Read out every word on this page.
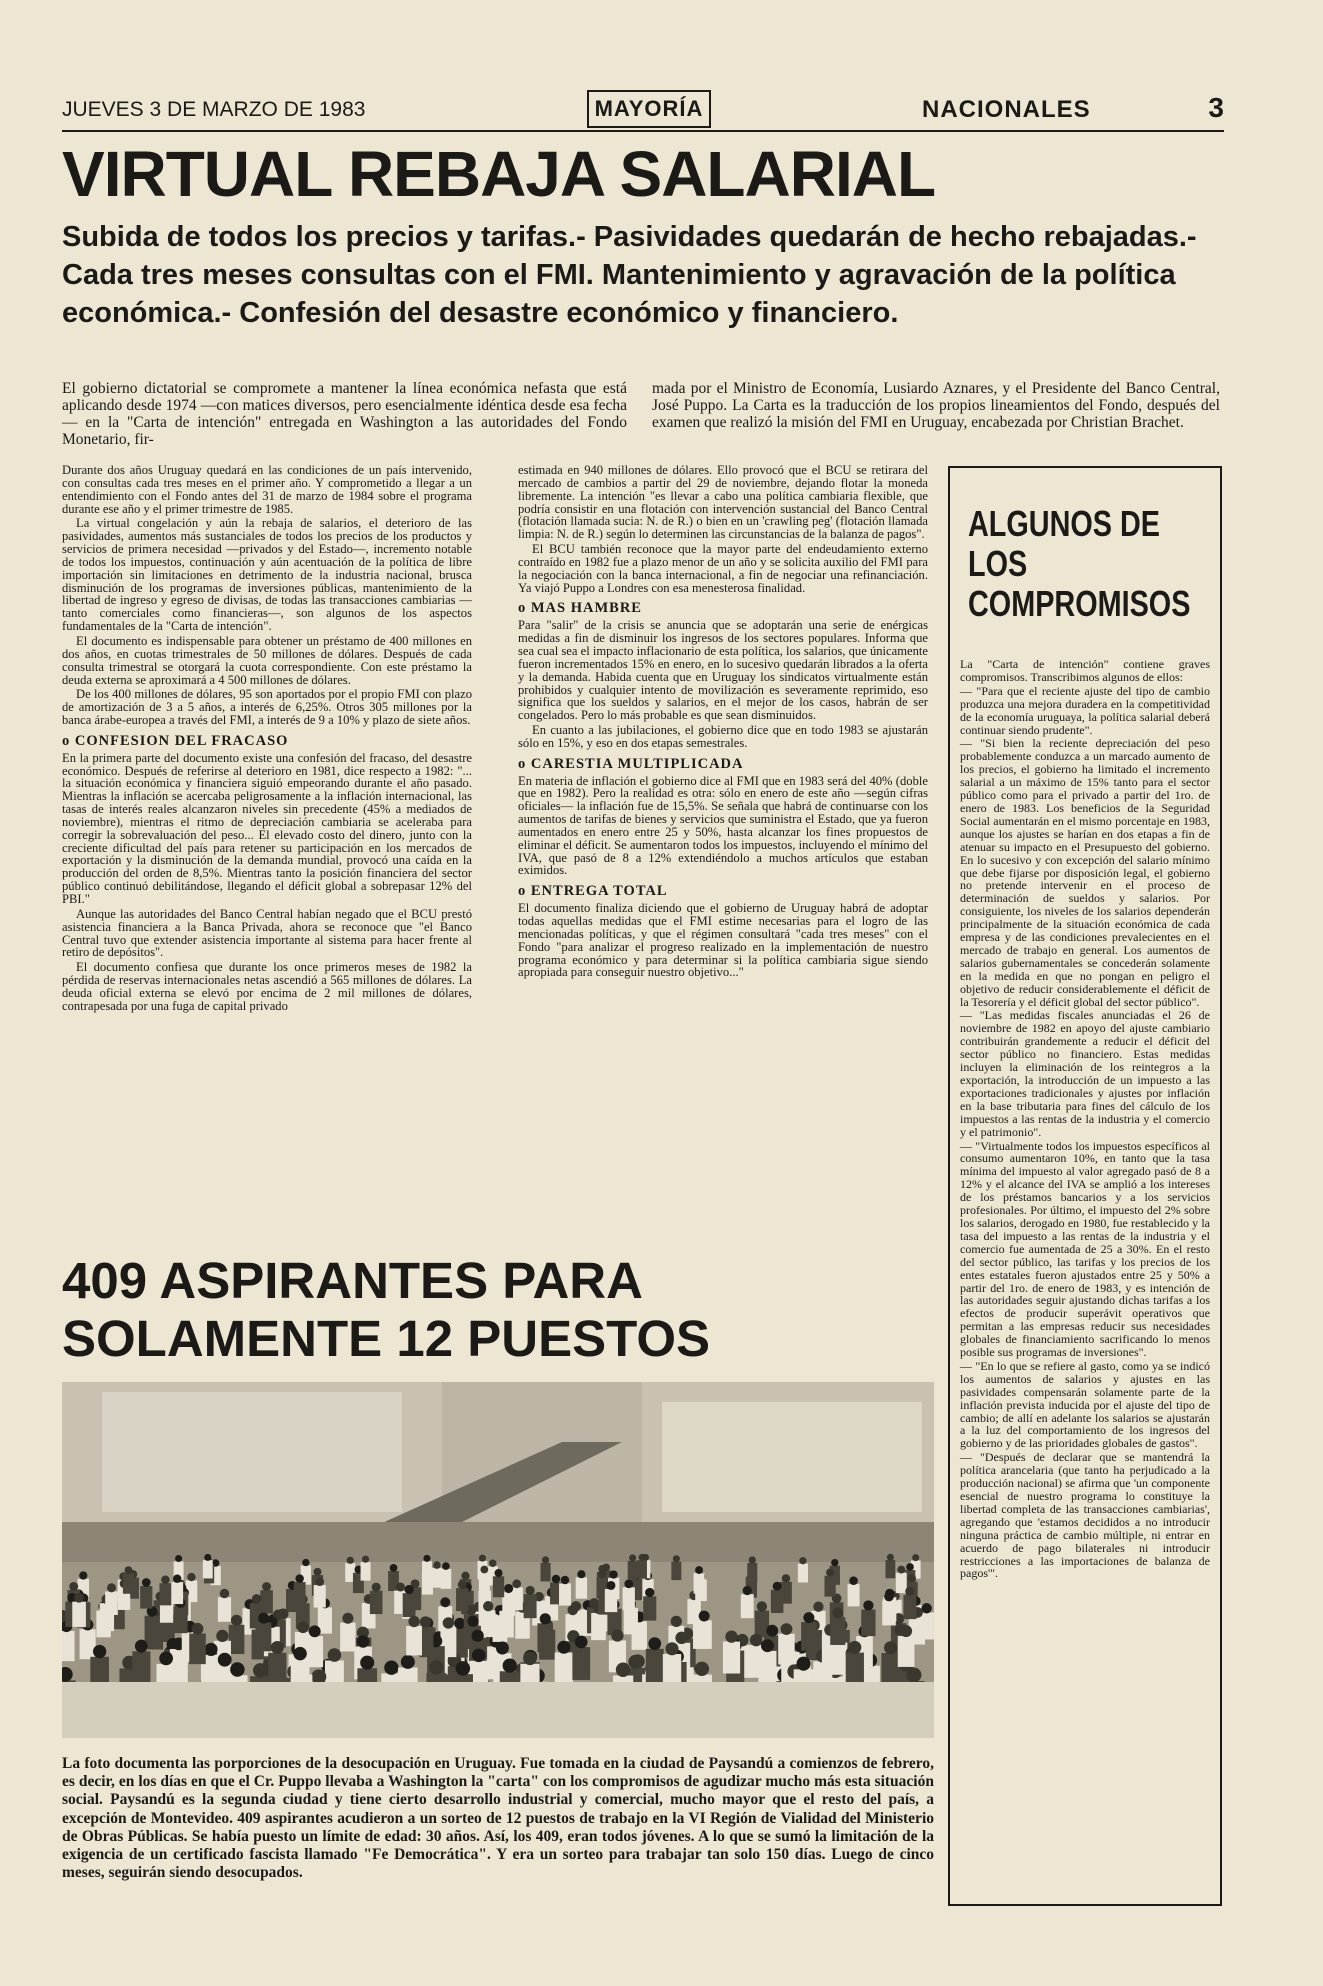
JUEVES 3 DE MARZO DE 1983	MAYORÍA	NACIONALES	3
VIRTUAL REBAJA SALARIAL
Subida de todos los precios y tarifas.- Pasividades quedarán de hecho rebajadas.- Cada tres meses consultas con el FMI. Mantenimiento y agravación de la política económica.- Confesión del desastre económico y financiero.
El gobierno dictatorial se compromete a mantener la línea económica nefasta que está aplicando desde 1974 —con matices diversos, pero esencialmente idéntica desde esa fecha— en la "Carta de intención" entregada en Washington a las autoridades del Fondo Monetario, fir-
mada por el Ministro de Economía, Lusiardo Aznares, y el Presidente del Banco Central, José Puppo. La Carta es la traducción de los propios lineamientos del Fondo, después del examen que realizó la misión del FMI en Uruguay, encabezada por Christian Brachet.

Durante dos años Uruguay quedará en las condiciones de un país intervenido, con consultas cada tres meses en el primer año. Y comprometido a llegar a un entendimiento con el Fondo antes del 31 de marzo de 1984 sobre el programa durante ese año y el primer trimestre de 1985.

La virtual congelación y aún la rebaja de salarios, el deterioro de las pasividades, aumentos más sustanciales de todos los precios de los productos y servicios de primera necesidad —privados y del Estado—, incremento notable de todos los impuestos, continuación y aún acentuación de la política de libre importación sin limitaciones en detrimento de la industria nacional, brusca disminución de los programas de inversiones públicas, mantenimiento de la libertad de ingreso y egreso de divisas, de todas las transacciones cambiarias —tanto comerciales como financieras—, son algunos de los aspectos fundamentales de la "Carta de intención".

El documento es indispensable para obtener un préstamo de 400 millones en dos años, en cuotas trimestrales de 50 millones de dólares. Después de cada consulta trimestral se otorgará la cuota correspondiente. Con este préstamo la deuda externa se aproximará a 4 500 millones de dólares.

De los 400 millones de dólares, 95 son aportados por el propio FMI con plazo de amortización de 3 a 5 años, a interés de 6,25%. Otros 305 millones por la banca árabe-europea a través del FMI, a interés de 9 a 10% y plazo de siete años.

o CONFESION DEL FRACASO

En la primera parte del documento existe una confesión del fracaso, del desastre económico. Después de referirse al deterioro en 1981, dice respecto a 1982: "... la situación económica y financiera siguió empeorando durante el año pasado. Mientras la inflación se acercaba peligrosamente a la inflación internacional, las tasas de interés reales alcanzaron niveles sin precedente (45% a mediados de noviembre), mientras el ritmo de depreciación cambiaria se aceleraba para corregir la sobrevaluación del peso... El elevado costo del dinero, junto con la creciente dificultad del país para retener su participación en los mercados de exportación y la disminución de la demanda mundial, provocó una caída en la producción del orden de 8,5%. Mientras tanto la posición financiera del sector público continuó debilitándose, llegando el déficit global a sobrepasar 12% del PBI."

Aunque las autoridades del Banco Central habían negado que el BCU prestó asistencia financiera a la Banca Privada, ahora se reconoce que "el Banco Central tuvo que extender asistencia importante al sistema para hacer frente al retiro de depósitos".

El documento confiesa que durante los once primeros meses de 1982 la pérdida de reservas internacionales netas ascendió a 565 millones de dólares. La deuda oficial externa se elevó por encima de 2 mil millones de dólares, contrapesada por una fuga de capital privado

estimada en 940 millones de dólares. Ello provocó que el BCU se retirara del mercado de cambios a partir del 29 de noviembre, dejando flotar la moneda libremente. La intención "es llevar a cabo una política cambiaria flexible, que podría consistir en una flotación con intervención sustancial del Banco Central (flotación llamada sucia: N. de R.) o bien en un 'crawling peg' (flotación llamada limpia: N. de R.) según lo determinen las circunstancias de la balanza de pagos".

El BCU también reconoce que la mayor parte del endeudamiento externo contraído en 1982 fue a plazo menor de un año y se solicita auxilio del FMI para la negociación con la banca internacional, a fin de negociar una refinanciación. Ya viajó Puppo a Londres con esa menesterosa finalidad.

o MAS HAMBRE

Para "salir" de la crisis se anuncia que se adoptarán una serie de enérgicas medidas a fin de disminuir los ingresos de los sectores populares. Informa que sea cual sea el impacto inflacionario de esta política, los salarios, que únicamente fueron incrementados 15% en enero, en lo sucesivo quedarán librados a la oferta y la demanda. Habida cuenta que en Uruguay los sindicatos virtualmente están prohibidos y cualquier intento de movilización es severamente reprimido, eso significa que los sueldos y salarios, en el mejor de los casos, habrán de ser congelados. Pero lo más probable es que sean disminuidos.

En cuanto a las jubilaciones, el gobierno dice que en todo 1983 se ajustarán sólo en 15%, y eso en dos etapas semestrales.

o CARESTIA MULTIPLICADA

En materia de inflación el gobierno dice al FMI que en 1983 será del 40% (doble que en 1982). Pero la realidad es otra: sólo en enero de este año —según cifras oficiales— la inflación fue de 15,5%. Se señala que habrá de continuarse con los aumentos de tarifas de bienes y servicios que suministra el Estado, que ya fueron aumentados en enero entre 25 y 50%, hasta alcanzar los fines propuestos de eliminar el déficit. Se aumentaron todos los impuestos, incluyendo el mínimo del IVA, que pasó de 8 a 12% extendiéndolo a muchos artículos que estaban eximidos.

o ENTREGA TOTAL

El documento finaliza diciendo que el gobierno de Uruguay habrá de adoptar todas aquellas medidas que el FMI estime necesarias para el logro de las mencionadas políticas, y que el régimen consultará "cada tres meses" con el Fondo "para analizar el progreso realizado en la implementación de nuestro programa económico y para determinar si la política cambiaria sigue siendo apropiada para conseguir nuestro objetivo..."

ALGUNOS DE LOS COMPROMISOS

La "Carta de intención" contiene graves compromisos. Transcribimos algunos de ellos:

— "Para que el reciente ajuste del tipo de cambio produzca una mejora duradera en la competitividad de la economía uruguaya, la política salarial deberá continuar siendo prudente".

— "Si bien la reciente depreciación del peso probablemente conduzca a un marcado aumento de los precios, el gobierno ha limitado el incremento salarial a un máximo de 15% tanto para el sector público como para el privado a partir del 1ro. de enero de 1983. Los beneficios de la Seguridad Social aumentarán en el mismo porcentaje en 1983, aunque los ajustes se harían en dos etapas a fin de atenuar su impacto en el Presupuesto del gobierno. En lo sucesivo y con excepción del salario mínimo que debe fijarse por disposición legal, el gobierno no pretende intervenir en el proceso de determinación de sueldos y salarios. Por consiguiente, los niveles de los salarios dependerán principalmente de la situación económica de cada empresa y de las condiciones prevalecientes en el mercado de trabajo en general. Los aumentos de salarios gubernamentales se concederán solamente en la medida en que no pongan en peligro el objetivo de reducir considerablemente el déficit de la Tesorería y el déficit global del sector público".

— "Las medidas fiscales anunciadas el 26 de noviembre de 1982 en apoyo del ajuste cambiario contribuirán grandemente a reducir el déficit del sector público no financiero. Estas medidas incluyen la eliminación de los reintegros a la exportación, la introducción de un impuesto a las exportaciones tradicionales y ajustes por inflación en la base tributaria para fines del cálculo de los impuestos a las rentas de la industria y el comercio y el patrimonio".

— "Virtualmente todos los impuestos específicos al consumo aumentaron 10%, en tanto que la tasa mínima del impuesto al valor agregado pasó de 8 a 12% y el alcance del IVA se amplió a los intereses de los préstamos bancarios y a los servicios profesionales. Por último, el impuesto del 2% sobre los salarios, derogado en 1980, fue restablecido y la tasa del impuesto a las rentas de la industria y el comercio fue aumentada de 25 a 30%. En el resto del sector público, las tarifas y los precios de los entes estatales fueron ajustados entre 25 y 50% a partir del 1ro. de enero de 1983, y es intención de las autoridades seguir ajustando dichas tarifas a los efectos de producir superávit operativos que permitan a las empresas reducir sus necesidades globales de financiamiento sacrificando lo menos posible sus programas de inversiones".

— "En lo que se refiere al gasto, como ya se indicó los aumentos de salarios y ajustes en las pasividades compensarán solamente parte de la inflación prevista inducida por el ajuste del tipo de cambio; de allí en adelante los salarios se ajustarán a la luz del comportamiento de los ingresos del gobierno y de las prioridades globales de gastos".

— "Después de declarar que se mantendrá la política arancelaria (que tanto ha perjudicado a la producción nacional) se afirma que 'un componente esencial de nuestro programa lo constituye la libertad completa de las transacciones cambiarias', agregando que 'estamos decididos a no introducir ninguna práctica de cambio múltiple, ni entrar en acuerdo de pago bilaterales ni introducir restricciones a las importaciones de balanza de pagos'".

409 ASPIRANTES PARA SOLAMENTE 12 PUESTOS
La foto documenta las porporciones de la desocupación en Uruguay. Fue tomada en la ciudad de Paysandú a comienzos de febrero, es decir, en los días en que el Cr. Puppo llevaba a Washington la "carta" con los compromisos de agudizar mucho más esta situación social. Paysandú es la segunda ciudad y tiene cierto desarrollo industrial y comercial, mucho mayor que el resto del país, a excepción de Montevideo. 409 aspirantes acudieron a un sorteo de 12 puestos de trabajo en la VI Región de Vialidad del Ministerio de Obras Públicas. Se había puesto un límite de edad: 30 años. Así, los 409, eran todos jóvenes. A lo que se sumó la limitación de la exigencia de un certificado fascista llamado "Fe Democrática". Y era un sorteo para trabajar tan solo 150 días. Luego de cinco meses, seguirán siendo desocupados.
